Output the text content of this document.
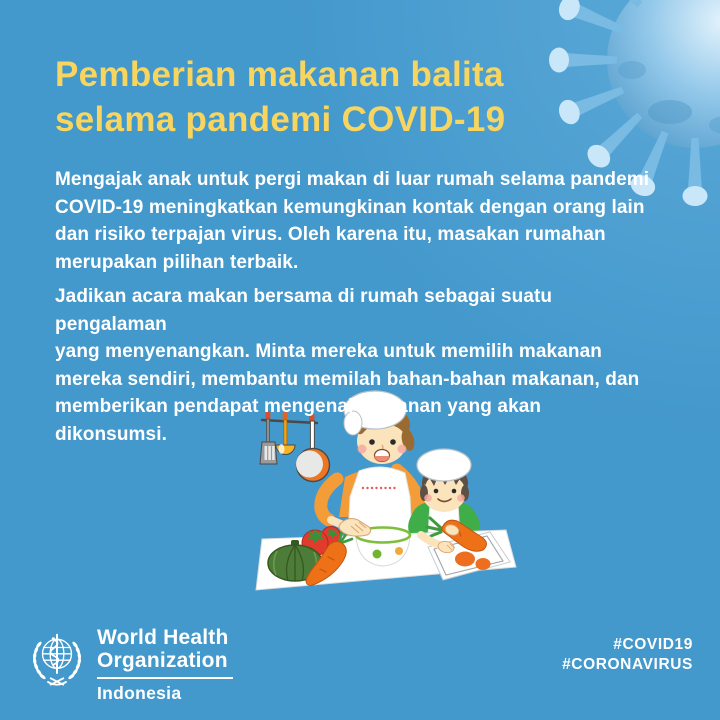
Pemberian makanan balita
selama pandemi COVID-19
Mengajak anak untuk pergi makan di luar rumah selama pandemi
COVID-19 meningkatkan kemungkinan kontak dengan orang lain
dan risiko terpajan virus. Oleh karena itu, masakan rumahan
merupakan pilihan terbaik.
Jadikan acara makan bersama di rumah sebagai suatu pengalaman
yang menyenangkan. Minta mereka untuk memilih makanan
mereka sendiri, membantu memilah bahan-bahan makanan, dan
memberikan pendapat mengenai makanan yang akan dikonsumsi.
World Health
Organization
Indonesia
#COVID19
#CORONAVIRUS
